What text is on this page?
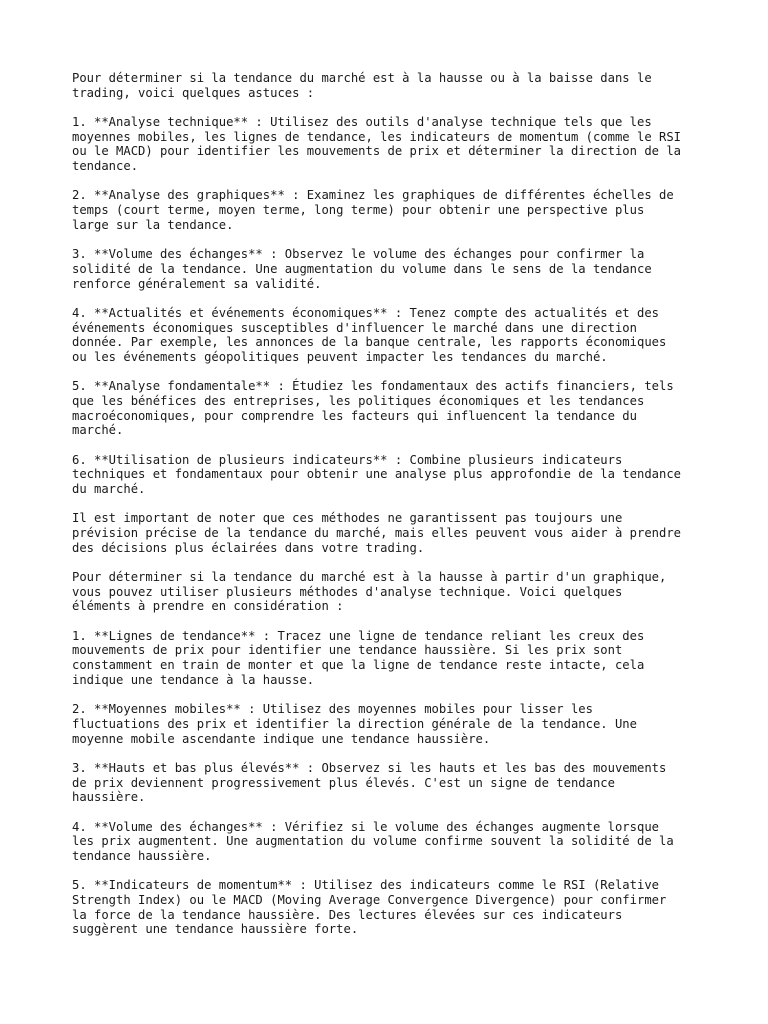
Pour déterminer si la tendance du marché est à la hausse ou à la baisse dans le
trading, voici quelques astuces :

1. **Analyse technique** : Utilisez des outils d'analyse technique tels que les
moyennes mobiles, les lignes de tendance, les indicateurs de momentum (comme le RSI
ou le MACD) pour identifier les mouvements de prix et déterminer la direction de la
tendance.

2. **Analyse des graphiques** : Examinez les graphiques de différentes échelles de
temps (court terme, moyen terme, long terme) pour obtenir une perspective plus
large sur la tendance.

3. **Volume des échanges** : Observez le volume des échanges pour confirmer la
solidité de la tendance. Une augmentation du volume dans le sens de la tendance
renforce généralement sa validité.

4. **Actualités et événements économiques** : Tenez compte des actualités et des
événements économiques susceptibles d'influencer le marché dans une direction
donnée. Par exemple, les annonces de la banque centrale, les rapports économiques
ou les événements géopolitiques peuvent impacter les tendances du marché.

5. **Analyse fondamentale** : Étudiez les fondamentaux des actifs financiers, tels
que les bénéfices des entreprises, les politiques économiques et les tendances
macroéconomiques, pour comprendre les facteurs qui influencent la tendance du
marché.

6. **Utilisation de plusieurs indicateurs** : Combine plusieurs indicateurs
techniques et fondamentaux pour obtenir une analyse plus approfondie de la tendance
du marché.

Il est important de noter que ces méthodes ne garantissent pas toujours une
prévision précise de la tendance du marché, mais elles peuvent vous aider à prendre
des décisions plus éclairées dans votre trading.

Pour déterminer si la tendance du marché est à la hausse à partir d'un graphique,
vous pouvez utiliser plusieurs méthodes d'analyse technique. Voici quelques
éléments à prendre en considération :

1. **Lignes de tendance** : Tracez une ligne de tendance reliant les creux des
mouvements de prix pour identifier une tendance haussière. Si les prix sont
constamment en train de monter et que la ligne de tendance reste intacte, cela
indique une tendance à la hausse.

2. **Moyennes mobiles** : Utilisez des moyennes mobiles pour lisser les
fluctuations des prix et identifier la direction générale de la tendance. Une
moyenne mobile ascendante indique une tendance haussière.

3. **Hauts et bas plus élevés** : Observez si les hauts et les bas des mouvements
de prix deviennent progressivement plus élevés. C'est un signe de tendance
haussière.

4. **Volume des échanges** : Vérifiez si le volume des échanges augmente lorsque
les prix augmentent. Une augmentation du volume confirme souvent la solidité de la
tendance haussière.

5. **Indicateurs de momentum** : Utilisez des indicateurs comme le RSI (Relative
Strength Index) ou le MACD (Moving Average Convergence Divergence) pour confirmer
la force de la tendance haussière. Des lectures élevées sur ces indicateurs
suggèrent une tendance haussière forte.
